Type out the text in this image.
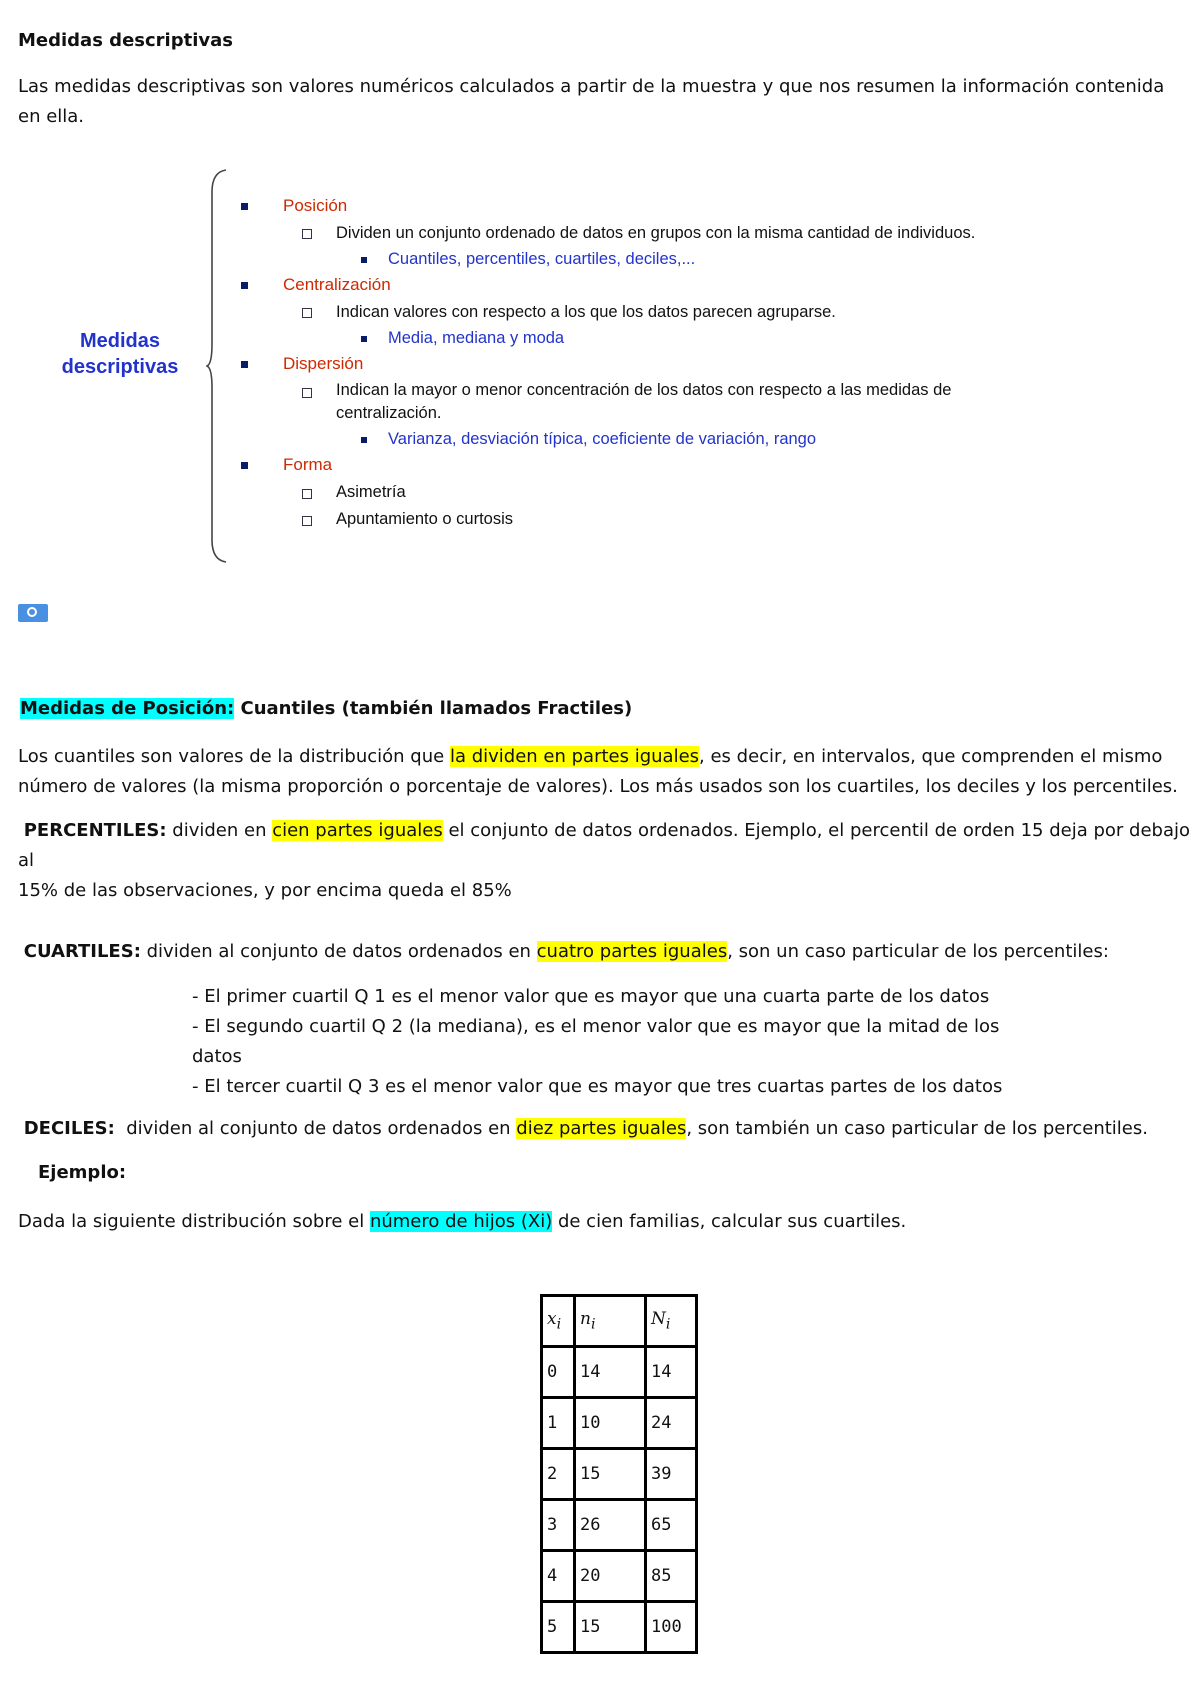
Medidas descriptivas
Las medidas descriptivas son valores numéricos calculados a partir de la muestra y que nos resumen la información contenida en ella.
Medidas descriptivas
Posición
Dividen un conjunto ordenado de datos en grupos con la misma cantidad de individuos.
Cuantiles, percentiles, cuartiles, deciles,...
Centralización
Indican valores con respecto a los que los datos parecen agruparse.
Media, mediana y moda
Dispersión
Indican la mayor o menor concentración de los datos con respecto a las medidas de
centralización.
Varianza, desviación típica, coeficiente de variación, rango
Forma
Asimetría
Apuntamiento o curtosis
Medidas de Posición: Cuantiles (también llamados Fractiles)
Los cuantiles son valores de la distribución que la dividen en partes iguales, es decir, en intervalos, que comprenden el mismo
número de valores (la misma proporción o porcentaje de valores). Los más usados son los cuartiles, los deciles y los percentiles.
PERCENTILES: dividen en cien partes iguales el conjunto de datos ordenados. Ejemplo, el percentil de orden 15 deja por debajo al
15% de las observaciones, y por encima queda el 85%
CUARTILES: dividen al conjunto de datos ordenados en cuatro partes iguales, son un caso particular de los percentiles:
- El primer cuartil Q 1 es el menor valor que es mayor que una cuarta parte de los datos
- El segundo cuartil Q 2 (la mediana), es el menor valor que es mayor que la mitad de los
datos
- El tercer cuartil Q 3 es el menor valor que es mayor que tres cuartas partes de los datos
DECILES:  dividen al conjunto de datos ordenados en diez partes iguales, son también un caso particular de los percentiles.
Ejemplo:
Dada la siguiente distribución sobre el número de hijos (Xi) de cien familias, calcular sus cuartiles.
$x_i$	$n_i$	$N_i$
0	14	14
1	10	24
2	15	39
3	26	65
4	20	85
5	15	100
